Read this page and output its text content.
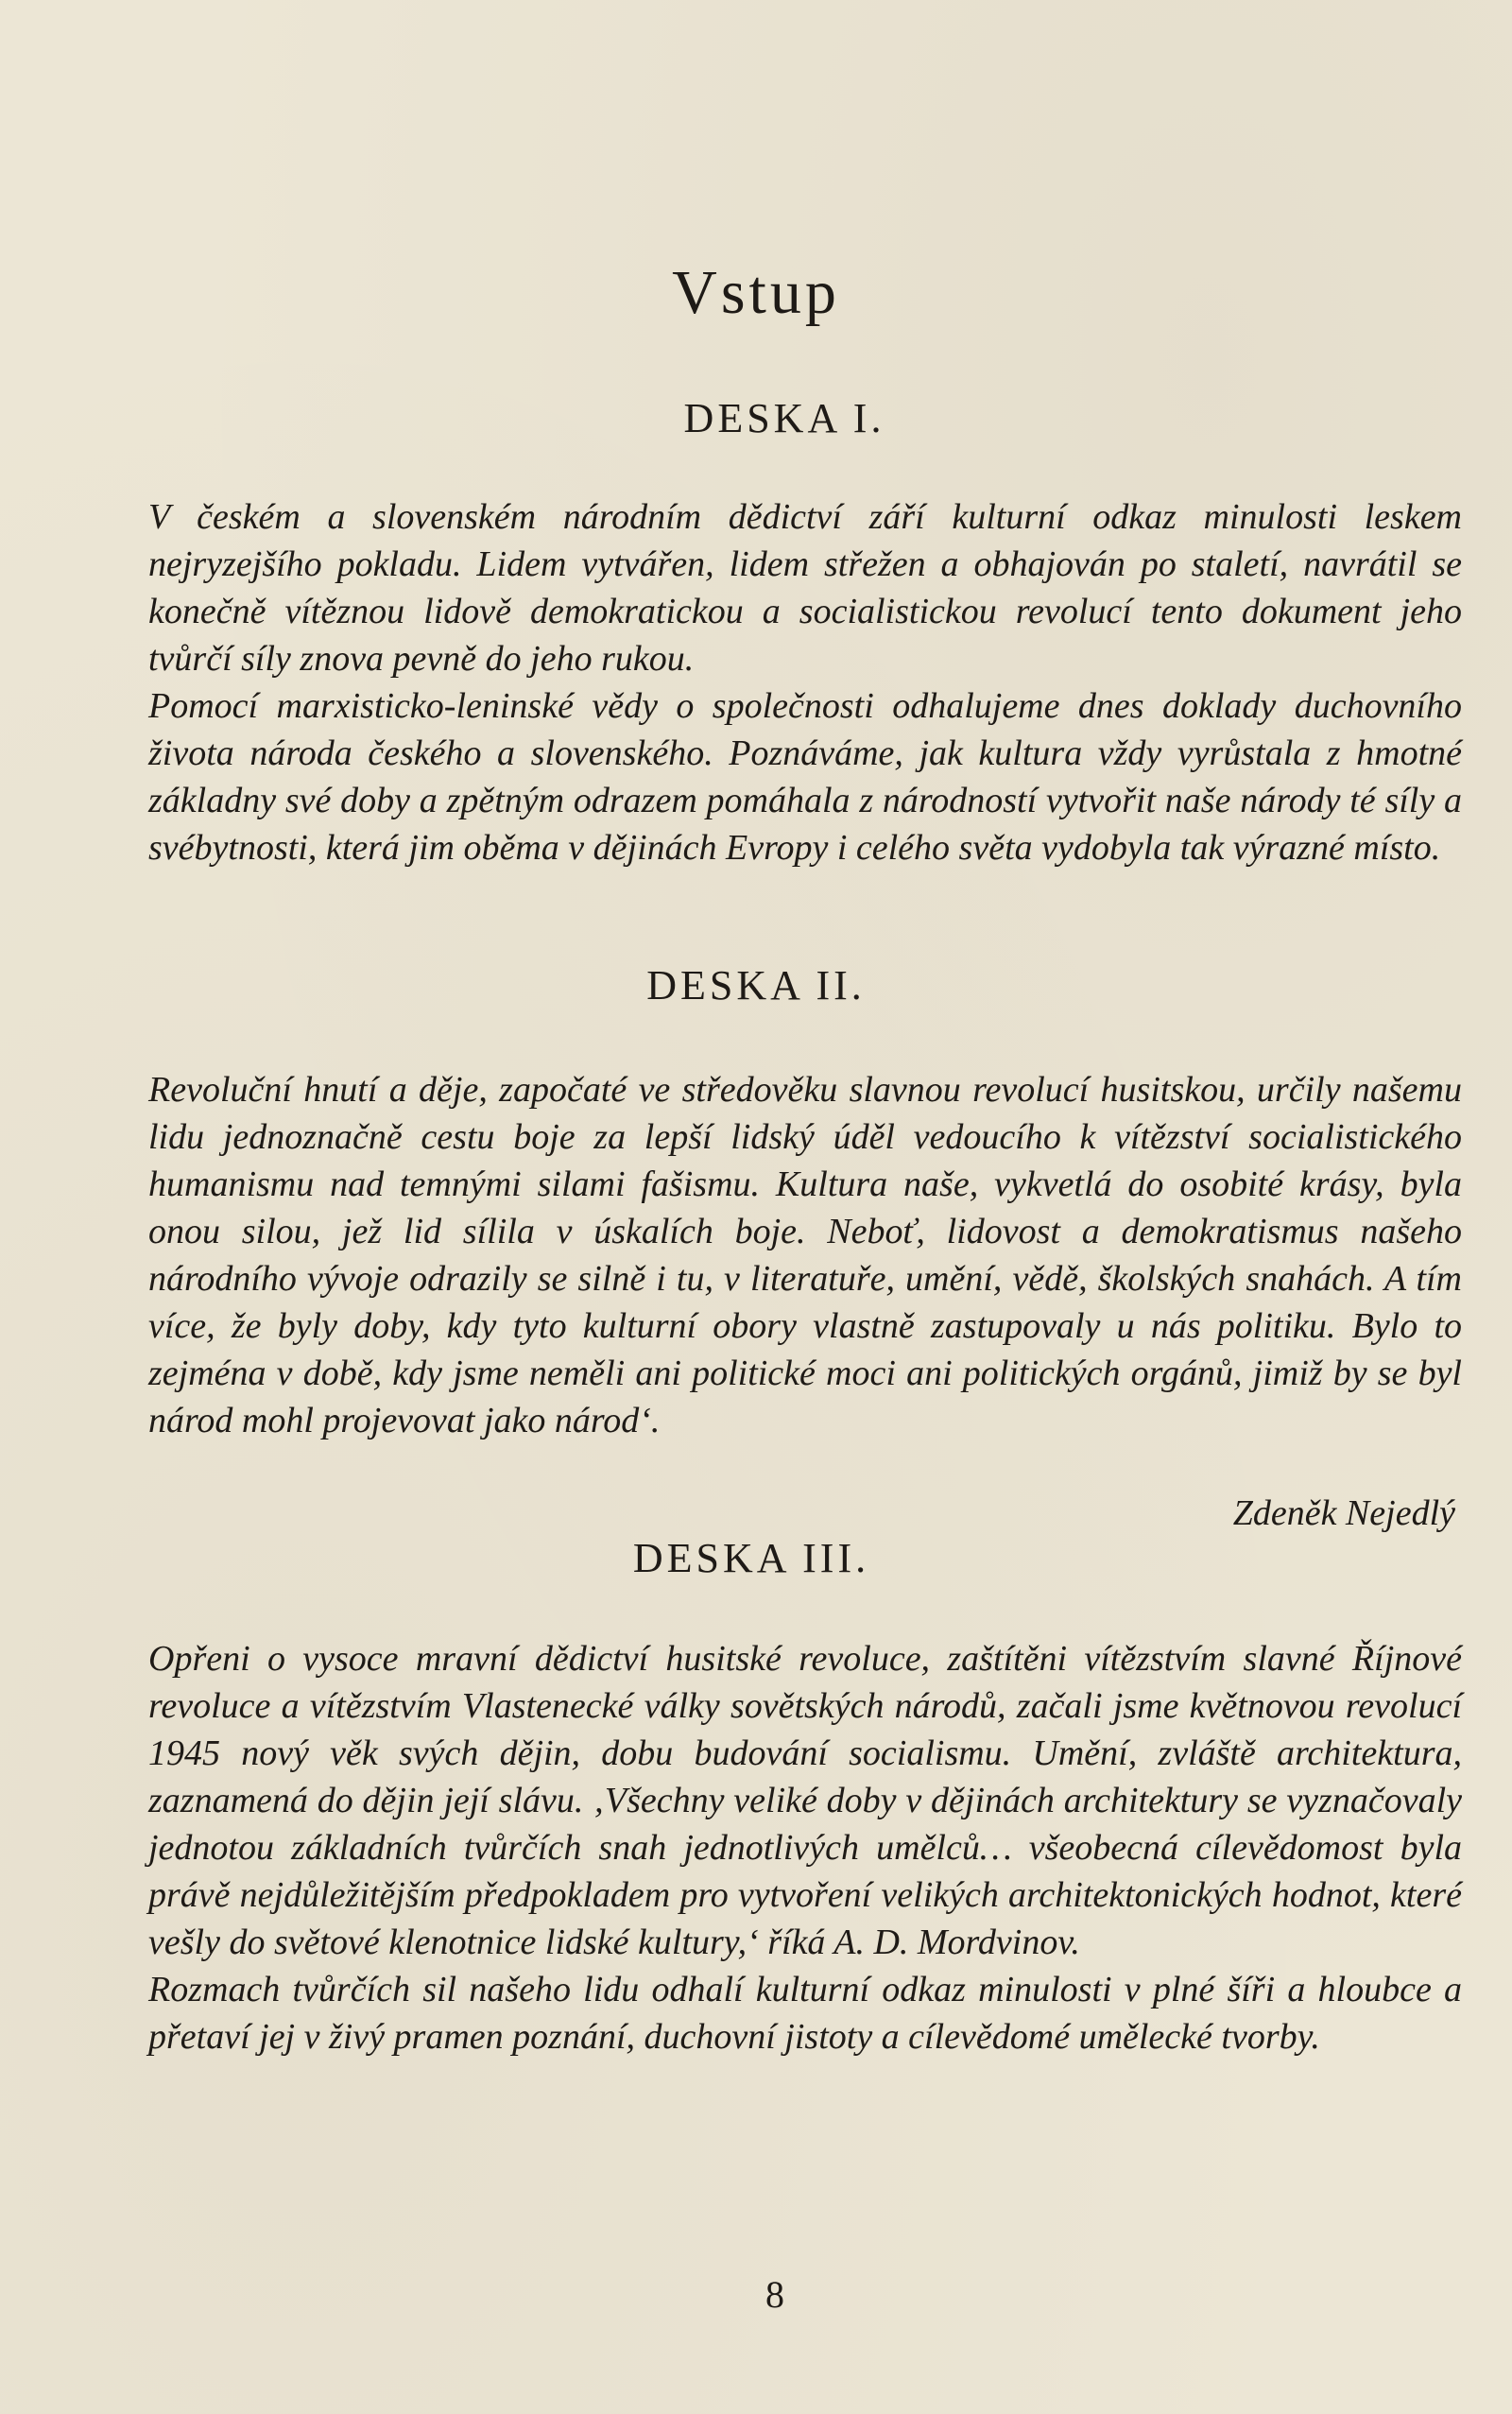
Vstup
DESKA I.

V českém a slovenském národním dědictví září kulturní odkaz minulosti leskem nejryzejšího pokladu. Lidem vytvářen, lidem střežen a obhajován po staletí, navrátil se konečně vítěznou lidově demokratickou a socialistickou revolucí tento dokument jeho tvůrčí síly znova pevně do jeho rukou.

Pomocí marxisticko-leninské vědy o společnosti odhalujeme dnes doklady duchovního života národa českého a slovenského. Poznáváme, jak kultura vždy vyrůstala z hmotné základny své doby a zpětným odrazem pomáhala z národností vytvořit naše národy té síly a svébytnosti, která jim oběma v dějinách Evropy i celého světa vydobyla tak výrazné místo.

DESKA II.

Revoluční hnutí a děje, započaté ve středověku slavnou revolucí husitskou, určily našemu lidu jednoznačně cestu boje za lepší lidský úděl vedoucího k vítězství socialistického humanismu nad temnými silami fašismu. Kultura naše, vykvetlá do osobité krásy, byla onou silou, jež lid sílila v úskalích boje. Neboť, lidovost a demokratismus našeho národního vývoje odrazily se silně i tu, v literatuře, umění, vědě, školských snahách. A tím více, že byly doby, kdy tyto kulturní obory vlastně zastupovaly u nás politiku. Bylo to zejména v době, kdy jsme neměli ani politické moci ani politických orgánů, jimiž by se byl národ mohl projevovat jako národ‘.

Zdeněk Nejedlý

DESKA III.

Opřeni o vysoce mravní dědictví husitské revoluce, zaštítěni vítězstvím slavné Říjnové revoluce a vítězstvím Vlastenecké války sovětských národů, začali jsme květnovou revolucí 1945 nový věk svých dějin, dobu budování socialismu. Umění, zvláště architektura, zaznamená do dějin její slávu. ‚Všechny veliké doby v dějinách architektury se vyznačovaly jednotou základních tvůrčích snah jednotlivých umělců… všeobecná cílevědomost byla právě nejdůležitějším předpokladem pro vytvoření velikých architektonických hodnot, které vešly do světové klenotnice lidské kultury,‘ říká A. D. Mordvinov.

Rozmach tvůrčích sil našeho lidu odhalí kulturní odkaz minulosti v plné šíři a hloubce a přetaví jej v živý pramen poznání, duchovní jistoty a cílevědomé umělecké tvorby.

8
